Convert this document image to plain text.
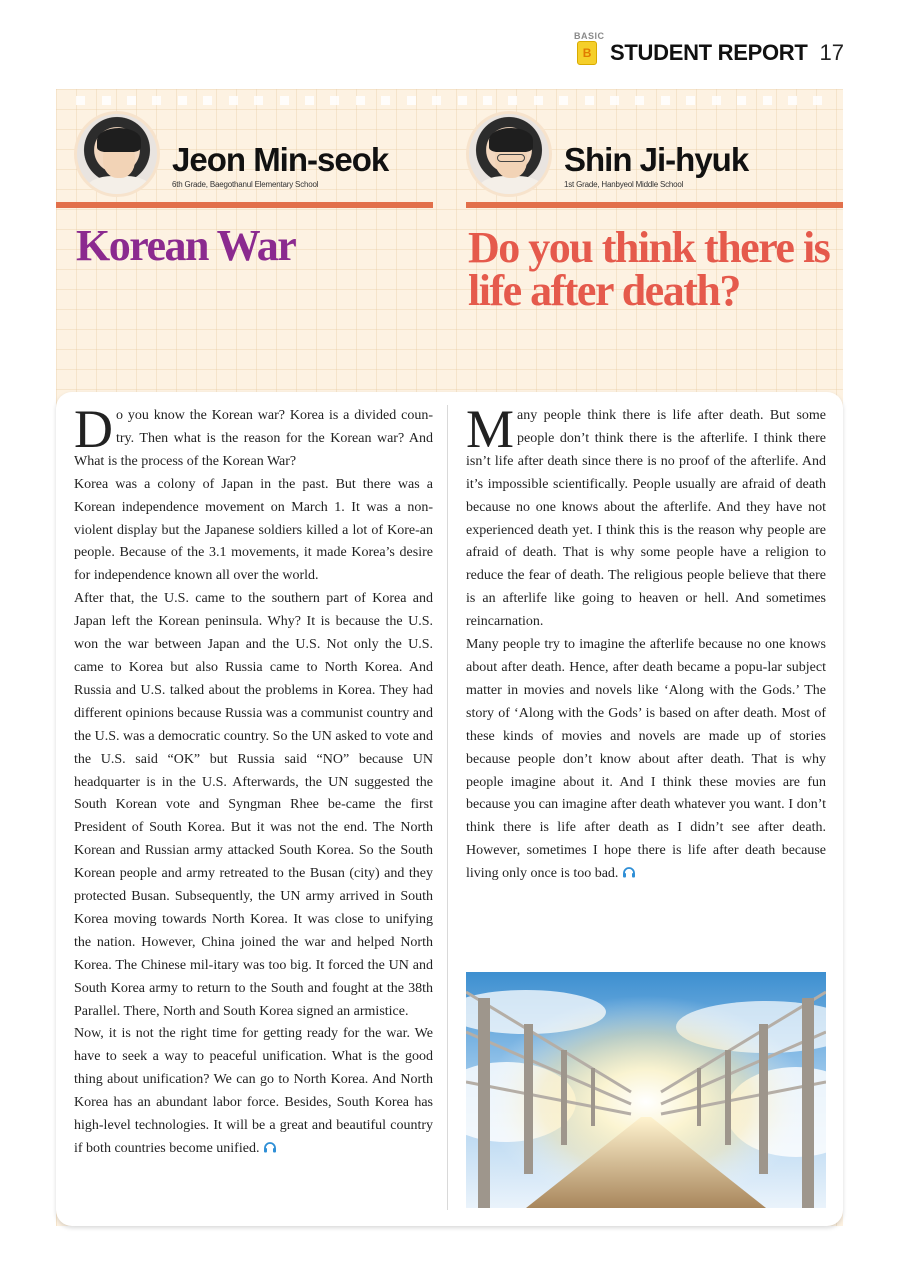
BASIC
B STUDENT REPORT 17
Jeon Min-seok
6th Grade, Baegothanul Elementary School
Shin Ji-hyuk
1st Grade, Hanbyeol Middle School
Korean War	Do you think there is life after death?

Do you know the Korean war? Korea is a divided coun-try. Then what is the reason for the Korean war? And What is the process of the Korean War?

Korea was a colony of Japan in the past. But there was a Korean independence movement on March 1. It was a non-violent display but the Japanese soldiers killed a lot of Kore-an people. Because of the 3.1 movements, it made Korea’s desire for independence known all over the world.

After that, the U.S. came to the southern part of Korea and Japan left the Korean peninsula. Why? It is because the U.S. won the war between Japan and the U.S. Not only the U.S. came to Korea but also Russia came to North Korea. And Russia and U.S. talked about the problems in Korea. They had different opinions because Russia was a communist country and the U.S. was a democratic country. So the UN asked to vote and the U.S. said “OK” but Russia said “NO” because UN headquarter is in the U.S. Afterwards, the UN suggested the South Korean vote and Syngman Rhee be-came the first President of South Korea. But it was not the end. The North Korean and Russian army attacked South Korea. So the South Korean people and army retreated to the Busan (city) and they protected Busan. Subsequently, the UN army arrived in South Korea moving towards North Korea. It was close to unifying the nation. However, China joined the war and helped North Korea. The Chinese mil-itary was too big. It forced the UN and South Korea army to return to the South and fought at the 38th Parallel. There, North and South Korea signed an armistice.

Now, it is not the right time for getting ready for the war. We have to seek a way to peaceful unification. What is the good thing about unification? We can go to North Korea. And North Korea has an abundant labor force. Besides, South Korea has high-level technologies. It will be a great and beautiful country if both countries become unified.

Many people think there is life after death. But some people don’t think there is the afterlife. I think there isn’t life after death since there is no proof of the afterlife. And it’s impossible scientifically. People usually are afraid of death because no one knows about the afterlife. And they have not experienced death yet. I think this is the reason why people are afraid of death. That is why some people have a religion to reduce the fear of death. The religious people believe that there is an afterlife like going to heaven or hell. And sometimes reincarnation.

Many people try to imagine the afterlife because no one knows about after death. Hence, after death became a popu-lar subject matter in movies and novels like ‘Along with the Gods.’ The story of ‘Along with the Gods’ is based on after death. Most of these kinds of movies and novels are made up of stories because people don’t know about after death. That is why people imagine about it. And I think these movies are fun because you can imagine after death whatever you want. I don’t think there is life after death as I didn’t see after death. However, sometimes I hope there is life after death because living only once is too bad.
